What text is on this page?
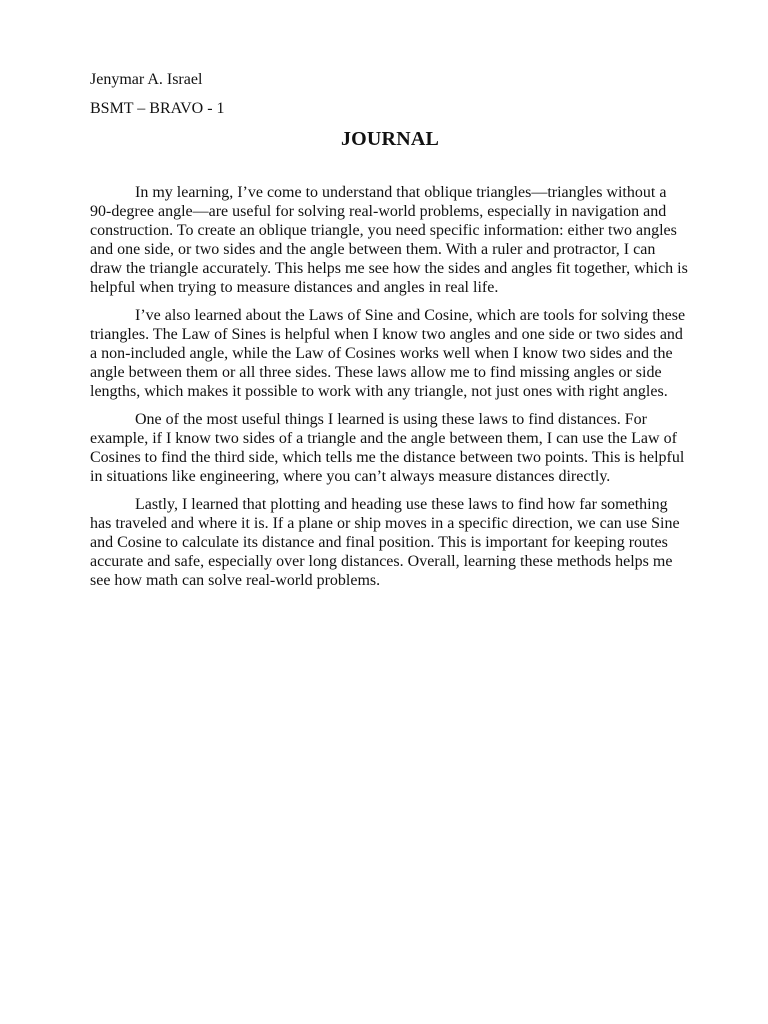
Jenymar A. Israel

BSMT – BRAVO - 1

JOURNAL

In my learning, I’ve come to understand that oblique triangles—triangles without a 90-degree angle—are useful for solving real-world problems, especially in navigation and construction. To create an oblique triangle, you need specific information: either two angles and one side, or two sides and the angle between them. With a ruler and protractor, I can draw the triangle accurately. This helps me see how the sides and angles fit together, which is helpful when trying to measure distances and angles in real life.

I’ve also learned about the Laws of Sine and Cosine, which are tools for solving these triangles. The Law of Sines is helpful when I know two angles and one side or two sides and a non-included angle, while the Law of Cosines works well when I know two sides and the angle between them or all three sides. These laws allow me to find missing angles or side lengths, which makes it possible to work with any triangle, not just ones with right angles.

One of the most useful things I learned is using these laws to find distances. For example, if I know two sides of a triangle and the angle between them, I can use the Law of Cosines to find the third side, which tells me the distance between two points. This is helpful in situations like engineering, where you can’t always measure distances directly.

Lastly, I learned that plotting and heading use these laws to find how far something has traveled and where it is. If a plane or ship moves in a specific direction, we can use Sine and Cosine to calculate its distance and final position. This is important for keeping routes accurate and safe, especially over long distances. Overall, learning these methods helps me see how math can solve real-world problems.
